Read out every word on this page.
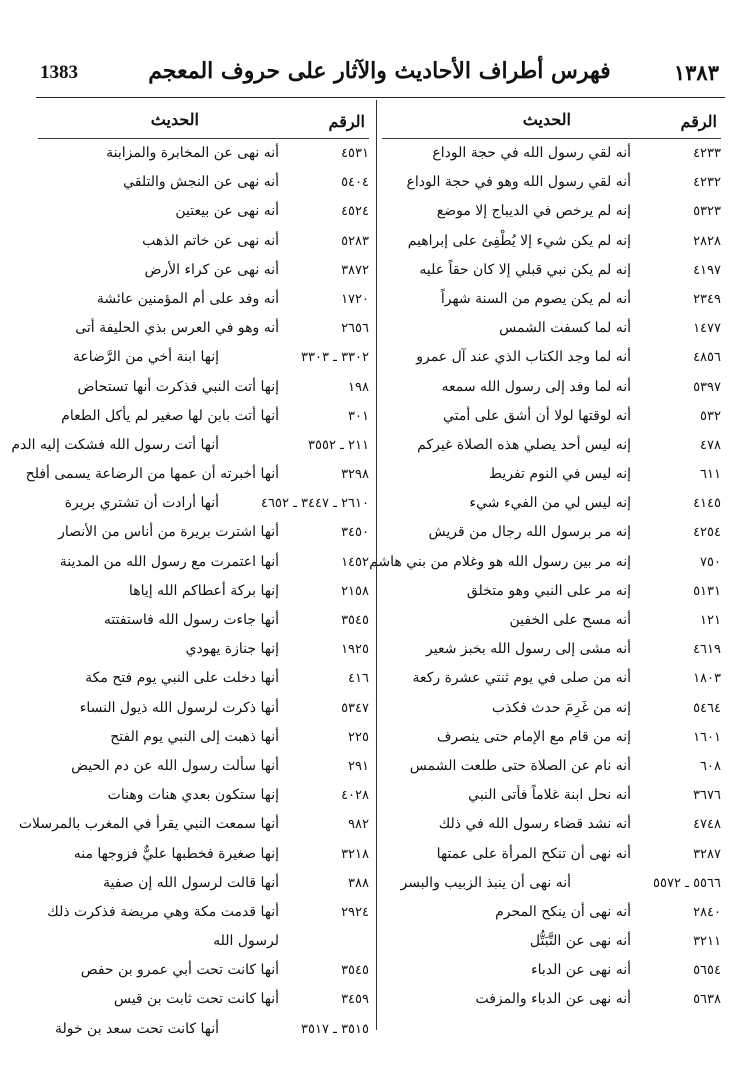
1383	فهرس أطراف الأحاديث والآثار على حروف المعجم	١٣٨٣
الرقم
الحديث
٤٢٣٣
أنه لقي رسول الله في حجة الوداع
٤٢٣٢
أنه لقي رسول الله وهو في حجة الوداع
٥٣٢٣
إنه لم يرخص في الديباج إلا موضع
٢٨٢٨
إنه لم يكن شيء إلا يُطْفِئ على إبراهيم
٤١٩٧
إنه لم يكن نبي قبلي إلا كان حقاً عليه
٢٣٤٩
أنه لم يكن يصوم من السنة شهراً
١٤٧٧
أنه لما كسفت الشمس
٤٨٥٦
أنه لما وجد الكتاب الذي عند آل عمرو
٥٣٩٧
أنه لما وفد إلى رسول الله سمعه
٥٣٢
أنه لوقتها لولا أن أشق على أمتي
٤٧٨
إنه ليس أحد يصلي هذه الصلاة غيركم
٦١١
إنه ليس في النوم تفريط
٤١٤٥
إنه ليس لي من الفيء شيء
٤٢٥٤
إنه مر برسول الله رجال من قريش
٧٥٠
إنه مر بين رسول الله هو وغلام من بني هاشم
٥١٣١
إنه مر على النبي وهو متخلق
١٢١
أنه مسح على الخفين
٤٦١٩
أنه مشى إلى رسول الله بخبز شعير
١٨٠٣
أنه من صلى في يوم ثنتي عشرة ركعة
٥٤٦٤
إنه من غَرِمَ حدث فكذب
١٦٠١
إنه من قام مع الإمام حتى ينصرف
٦٠٨
أنه نام عن الصلاة حتى طلعت الشمس
٣٦٧٦
أنه نحل ابنة غلاماً فأتى النبي
٤٧٤٨
أنه نشد قضاء رسول الله في ذلك
٣٢٨٧
أنه نهى أن تنكح المرأة على عمتها
٥٥٦٦ ـ ٥٥٧٢
أنه نهى أن ينبذ الزبيب والبسر
٢٨٤٠
أنه نهى أن ينكح المحرم
٣٢١١
أنه نهى عن التَّبَتُّل
٥٦٥٤
أنه نهى عن الدباء
٥٦٣٨
أنه نهى عن الدباء والمزفت
الرقم
الحديث
٤٥٣١
أنه نهى عن المخابرة والمزابنة
٥٤٠٤
أنه نهى عن النجش والتلقي
٤٥٢٤
أنه نهى عن بيعتين
٥٢٨٣
أنه نهى عن خاتم الذهب
٣٨٧٢
أنه نهى عن كراء الأرض
١٧٢٠
أنه وفد على أم المؤمنين عائشة
٢٦٥٦
أنه وهو في العرس بذي الحليفة أتى
٣٣٠٢ ـ ٣٣٠٣
إنها ابنة أخي من الرَّضاعة
١٩٨
إنها أتت النبي فذكرت أنها تستحاض
٣٠١
أنها أتت بابن لها صغير لم يأكل الطعام
٢١١ ـ ٣٥٥٢
أنها أتت رسول الله فشكت إليه الدم
٣٢٩٨
أنها أخبرته أن عمها من الرضاعة يسمى أفلح
٢٦١٠ ـ ٣٤٤٧ ـ ٤٦٥٢
أنها أرادت أن تشتري بريرة
٣٤٥٠
أنها اشترت بريرة من أناس من الأنصار
١٤٥٢
أنها اعتمرت مع رسول الله من المدينة
٢١٥٨
إنها بركة أعطاكم الله إياها
٣٥٤٥
أنها جاءت رسول الله فاستفتته
١٩٢٥
إنها جنازة يهودي
٤١٦
أنها دخلت على النبي يوم فتح مكة
٥٣٤٧
أنها ذكرت لرسول الله ذيول النساء
٢٢٥
أنها ذهبت إلى النبي يوم الفتح
٢٩١
أنها سألت رسول الله عن دم الحيض
٤٠٢٨
إنها ستكون بعدي هنات وهنات
٩٨٢
أنها سمعت النبي يقرأ في المغرب بالمرسلات
٣٢١٨
إنها صغيرة فخطبها عليٌّ فزوجها منه
٣٨٨
أنها قالت لرسول الله إن صفية
٢٩٢٤
أنها قدمت مكة وهي مريضة فذكرت ذلك
لرسول الله
٣٥٤٥
أنها كانت تحت أبي عمرو بن حفص
٣٤٥٩
أنها كانت تحت ثابت بن قيس
٣٥١٥ ـ ٣٥١٧
أنها كانت تحت سعد بن خولة
